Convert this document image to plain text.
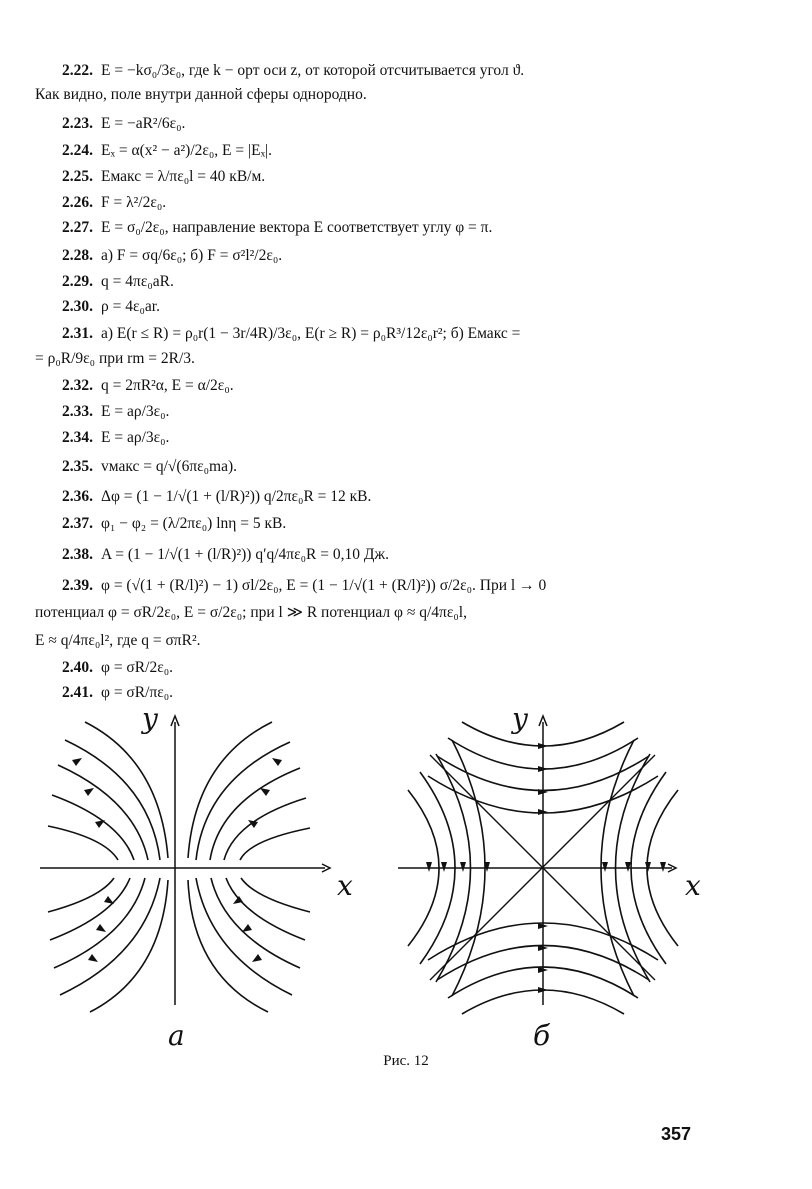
2.22. E = −kσ₀/3ε₀, где k − орт оси z, от которой отсчитывается угол ϑ.
Как видно, поле внутри данной сферы однородно.
2.23. E = −aR²/6ε₀.
2.24. Eₓ = α(x² − a²)/2ε₀, E = |Eₓ|.
2.25. Eмакс = λ/πε₀l = 40 кВ/м.
2.26. F = λ²/2ε₀.
2.27. E = σ₀/2ε₀, направление вектора E соответствует углу φ = π.
2.28. а) F = σq/6ε₀; б) F = σ²l²/2ε₀.
2.29. q = 4πε₀aR.
2.30. ρ = 4ε₀ar.
2.31. а) E(r ≤ R) = ρ₀r(1 − 3r/4R)/3ε₀, E(r ≥ R) = ρ₀R³/12ε₀r²; б) Eмакс =
= ρ₀R/9ε₀ при rm = 2R/3.
2.32. q = 2πR²α, E = α/2ε₀.
2.33. E = aρ/3ε₀.
2.34. E = aρ/3ε₀.
2.35. vмакс = q/√(6πε₀ma).
2.36. Δφ = (1 − 1/√(1 + (l/R)²)) q/2πε₀R = 12 кВ.
2.37. φ₁ − φ₂ = (λ/2πε₀) lnη = 5 кВ.
2.38. A = (1 − 1/√(1 + (l/R)²)) q′q/4πε₀R = 0,10 Дж.
2.39. φ = (√(1 + (R/l)²) − 1) σl/2ε₀, E = (1 − 1/√(1 + (R/l)²)) σ/2ε₀. При l → 0
потенциал φ = σR/2ε₀, E = σ/2ε₀; при l ≫ R потенциал φ ≈ q/4πε₀l,
E ≈ q/4πε₀l², где q = σπR².
2.40. φ = σR/2ε₀.
2.41. φ = σR/πε₀.
x
y
a
x
y
б
Рис. 12
357
